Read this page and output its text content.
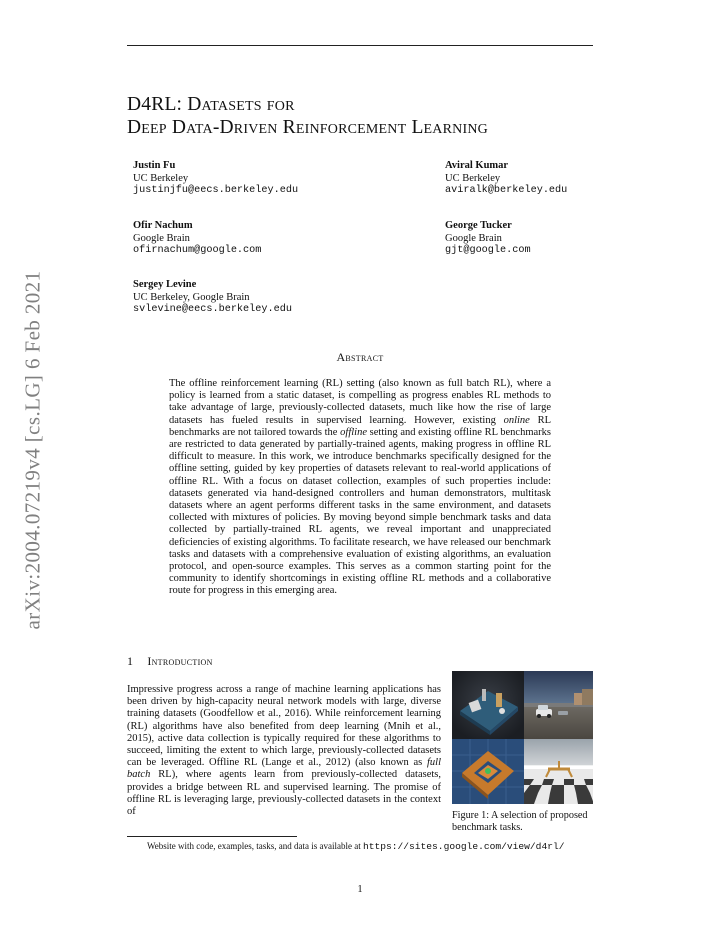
arXiv:2004.07219v4 [cs.LG] 6 Feb 2021
D4RL: Datasets for
Deep Data-Driven Reinforcement Learning
Justin Fu
UC Berkeley
justinjfu@eecs.berkeley.edu
Aviral Kumar
UC Berkeley
aviralk@berkeley.edu
Ofir Nachum
Google Brain
ofirnachum@google.com
George Tucker
Google Brain
gjt@google.com
Sergey Levine
UC Berkeley, Google Brain
svlevine@eecs.berkeley.edu
Abstract
The offline reinforcement learning (RL) setting (also known as full batch RL), where a policy is learned from a static dataset, is compelling as progress enables RL methods to take advantage of large, previously-collected datasets, much like how the rise of large datasets has fueled results in supervised learning. However, existing online RL benchmarks are not tailored towards the offline setting and existing offline RL benchmarks are restricted to data generated by partially-trained agents, making progress in offline RL difficult to measure. In this work, we introduce benchmarks specifically designed for the offline setting, guided by key properties of datasets relevant to real-world applications of offline RL. With a focus on dataset collection, examples of such properties include: datasets generated via hand-designed controllers and human demonstrators, multitask datasets where an agent performs different tasks in the same environment, and datasets collected with mixtures of policies. By moving beyond simple benchmark tasks and data collected by partially-trained RL agents, we reveal important and unappreciated deficiencies of existing algorithms. To facilitate research, we have released our benchmark tasks and datasets with a comprehensive evaluation of existing algorithms, an evaluation protocol, and open-source examples. This serves as a common starting point for the community to identify shortcomings in existing offline RL methods and a collaborative route for progress in this emerging area.
1 Introduction
Impressive progress across a range of machine learning applications has been driven by high-capacity neural network models with large, diverse training datasets (Goodfellow et al., 2016). While reinforcement learning (RL) algorithms have also benefited from deep learning (Mnih et al., 2015), active data collection is typically required for these algorithms to succeed, limiting the extent to which large, previously-collected datasets can be leveraged. Offline RL (Lange et al., 2012) (also known as full batch RL), where agents learn from previously-collected datasets, provides a bridge between RL and supervised learning. The promise of offline RL is leveraging large, previously-collected datasets in the context of	Figure 1: A selection of proposed benchmark tasks.
Website with code, examples, tasks, and data is available at https://sites.google.com/view/d4rl/
1
